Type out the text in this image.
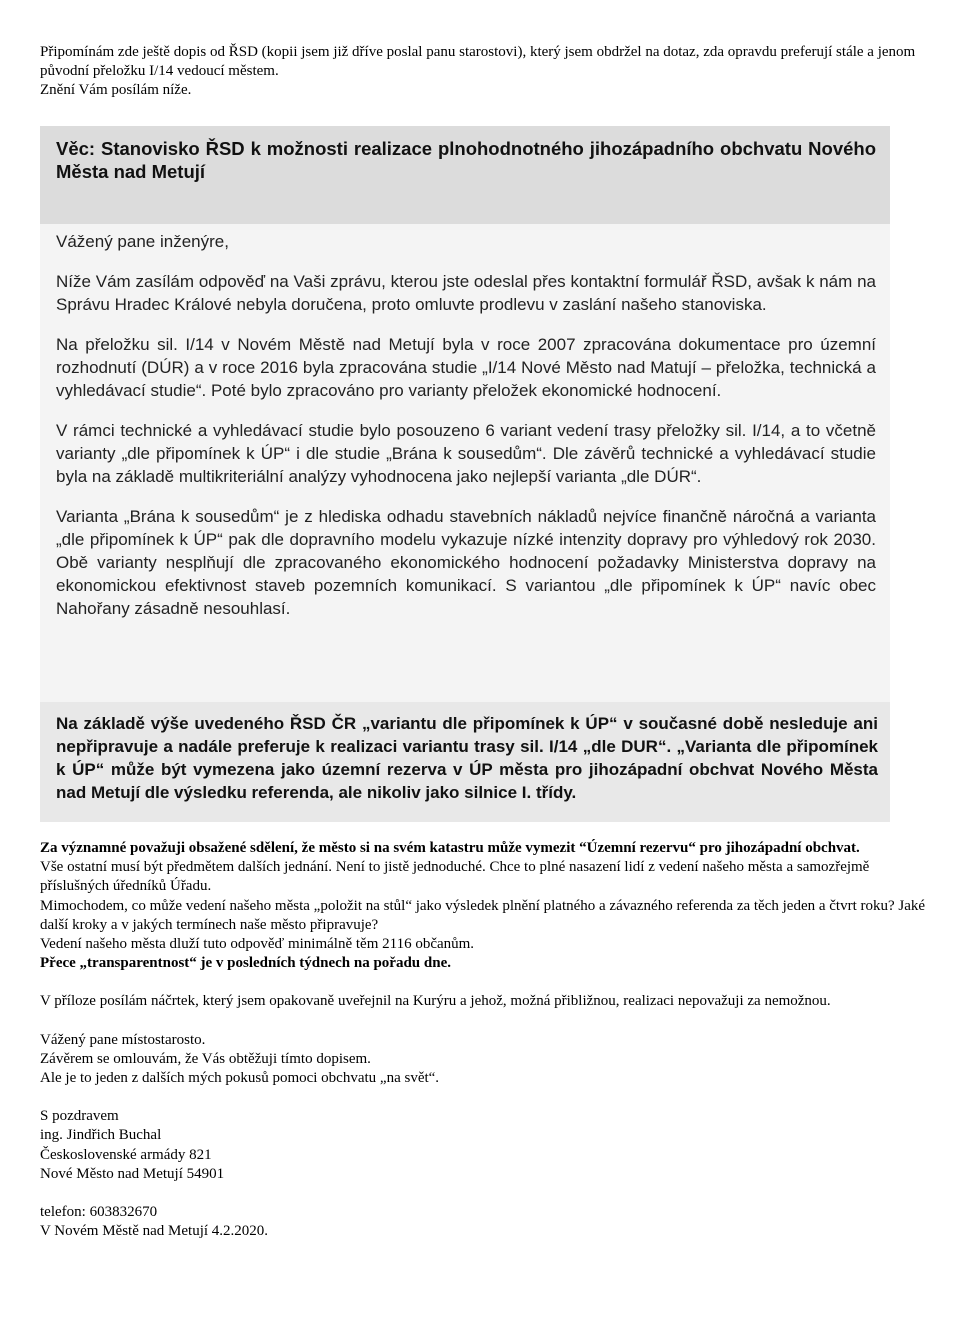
Připomínám zde ještě dopis od ŘSD (kopii jsem již dříve poslal panu starostovi), který jsem obdržel na dotaz, zda opravdu preferují stále a jenom původní přeložku I/14 vedoucí městem.

Znění Vám posílám níže.

Věc: Stanovisko ŘSD k možnosti realizace plnohodnotného jihozápadního obchvatu Nového Města nad Metují

Vážený pane inženýre,

Níže Vám zasílám odpověď na Vaši zprávu, kterou jste odeslal přes kontaktní formulář ŘSD, avšak k nám na Správu Hradec Králové nebyla doručena, proto omluvte prodlevu v zaslání našeho stanoviska.

Na přeložku sil. I/14 v Novém Městě nad Metují byla v roce 2007 zpracována dokumentace pro územní rozhodnutí (DÚR) a v roce 2016 byla zpracována studie „I/14 Nové Město nad Matují – přeložka, technická a vyhledávací studie“. Poté bylo zpracováno pro varianty přeložek ekonomické hodnocení.

V rámci technické a vyhledávací studie bylo posouzeno 6 variant vedení trasy přeložky sil. I/14, a to včetně varianty „dle připomínek k ÚP“ i dle studie „Brána k sousedům“. Dle závěrů technické a vyhledávací studie byla na základě multikriteriální analýzy vyhodnocena jako nejlepší varianta „dle DÚR“.

Varianta „Brána k sousedům“ je z hlediska odhadu stavebních nákladů nejvíce finančně náročná a varianta „dle připomínek k ÚP“ pak dle dopravního modelu vykazuje nízké intenzity dopravy pro výhledový rok 2030. Obě varianty nesplňují dle zpracovaného ekonomického hodnocení požadavky Ministerstva dopravy na ekonomickou efektivnost staveb pozemních komunikací. S variantou „dle připomínek k ÚP“ navíc obec Nahořany zásadně nesouhlasí.

Na základě výše uvedeného ŘSD ČR „variantu dle připomínek k ÚP“ v současné době nesleduje ani nepřipravuje a nadále preferuje k realizaci variantu trasy sil. I/14 „dle DUR“. „Varianta dle připomínek k ÚP“ může být vymezena jako územní rezerva v ÚP města pro jihozápadní obchvat Nového Města nad Metují dle výsledku referenda, ale nikoliv jako silnice I. třídy.

Za významné považuji obsažené sdělení, že město si na svém katastru může vymezit “Územní rezervu“ pro jihozápadní obchvat.

Vše ostatní musí být předmětem dalších jednání. Není to jistě jednoduché. Chce to plné nasazení lidí z vedení našeho města a samozřejmě příslušných úředníků Úřadu.

Mimochodem, co může vedení našeho města „položit na stůl“ jako výsledek plnění platného a závazného referenda za těch jeden a čtvrt roku? Jaké další kroky a v jakých termínech naše město připravuje?

Vedení našeho města dluží tuto odpověď minimálně těm 2116 občanům.

Přece „transparentnost“ je v posledních týdnech na pořadu dne.

V příloze posílám náčrtek, který jsem opakovaně uveřejnil na Kurýru a jehož, možná přibližnou, realizaci nepovažuji za nemožnou.

Vážený pane místostarosto.

Závěrem se omlouvám, že Vás obtěžuji tímto dopisem.

Ale je to jeden z dalších mých pokusů pomoci obchvatu „na svět“.

S pozdravem

ing. Jindřich Buchal

Československé armády 821

Nové Město nad Metují 54901

telefon: 603832670

V Novém Městě nad Metují 4.2.2020.
